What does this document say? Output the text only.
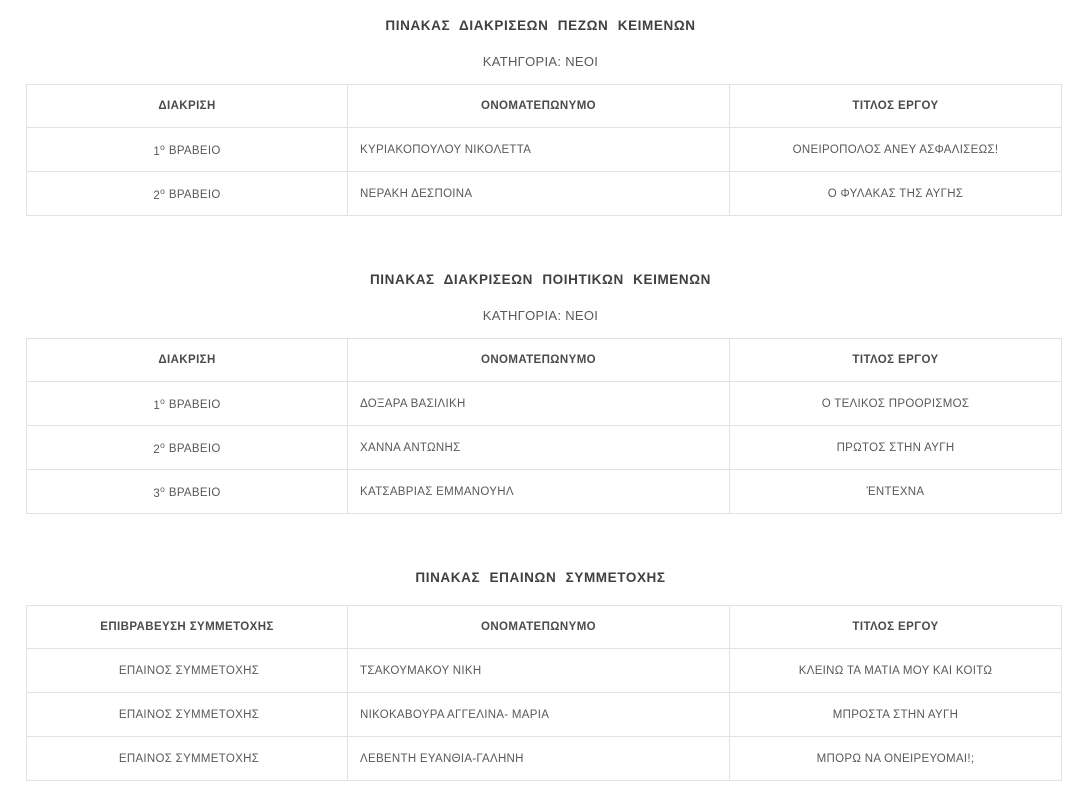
ΠΙΝΑΚΑΣ ΔΙΑΚΡΙΣΕΩΝ ΠΕΖΩΝ ΚΕΙΜΕΝΩΝ
ΚΑΤΗΓΟΡΙΑ: ΝΕΟΙ
ΔΙΑΚΡΙΣΗ	ΟΝΟΜΑΤΕΠΩΝΥΜΟ	ΤΙΤΛΟΣ ΕΡΓΟΥ
$1^o$ ΒΡΑΒΕΙΟ	ΚΥΡΙΑΚΟΠΟΥΛΟΥ ΝΙΚΟΛΕΤΤΑ	ΟΝΕΙΡΟΠΟΛΟΣ ΑΝΕΥ ΑΣΦΑΛΙΣΕΩΣ!
$2^o$ ΒΡΑΒΕΙΟ	ΝΕΡΑΚΗ ΔΕΣΠΟΙΝΑ	Ο ΦΥΛΑΚΑΣ ΤΗΣ ΑΥΓΗΣ
ΠΙΝΑΚΑΣ ΔΙΑΚΡΙΣΕΩΝ ΠΟΙΗΤΙΚΩΝ ΚΕΙΜΕΝΩΝ
ΚΑΤΗΓΟΡΙΑ: ΝΕΟΙ
ΔΙΑΚΡΙΣΗ	ΟΝΟΜΑΤΕΠΩΝΥΜΟ	ΤΙΤΛΟΣ ΕΡΓΟΥ
$1^o$ ΒΡΑΒΕΙΟ	ΔΟΞΑΡΑ ΒΑΣΙΛΙΚΗ	Ο ΤΕΛΙΚΟΣ ΠΡΟΟΡΙΣΜΟΣ
$2^o$ ΒΡΑΒΕΙΟ	ΧΑΝΝΑ ΑΝΤΩΝΗΣ	ΠΡΩΤΟΣ ΣΤΗΝ ΑΥΓΗ
$3^o$ ΒΡΑΒΕΙΟ	ΚΑΤΣΑΒΡΙΑΣ ΕΜΜΑΝΟΥΗΛ	ΈΝΤΕΧΝΑ
ΠΙΝΑΚΑΣ ΕΠΑΙΝΩΝ ΣΥΜΜΕΤΟΧΗΣ
ΕΠΙΒΡΑΒΕΥΣΗ ΣΥΜΜΕΤΟΧΗΣ	ΟΝΟΜΑΤΕΠΩΝΥΜΟ	ΤΙΤΛΟΣ ΕΡΓΟΥ
ΕΠΑΙΝΟΣ ΣΥΜΜΕΤΟΧΗΣ	ΤΣΑΚΟΥΜΑΚΟΥ ΝΙΚΗ	ΚΛΕΙΝΩ ΤΑ ΜΑΤΙΑ ΜΟΥ ΚΑΙ ΚΟΙΤΩ
ΕΠΑΙΝΟΣ ΣΥΜΜΕΤΟΧΗΣ	ΝΙΚΟΚΑΒΟΥΡΑ ΑΓΓΕΛΙΝΑ- ΜΑΡΙΑ	ΜΠΡΟΣΤΑ ΣΤΗΝ ΑΥΓΗ
ΕΠΑΙΝΟΣ ΣΥΜΜΕΤΟΧΗΣ	ΛΕΒΕΝΤΗ ΕΥΑΝΘΙΑ-ΓΑΛΗΝΗ	ΜΠΟΡΩ ΝΑ ΟΝΕΙΡΕΥΟΜΑΙ!;
